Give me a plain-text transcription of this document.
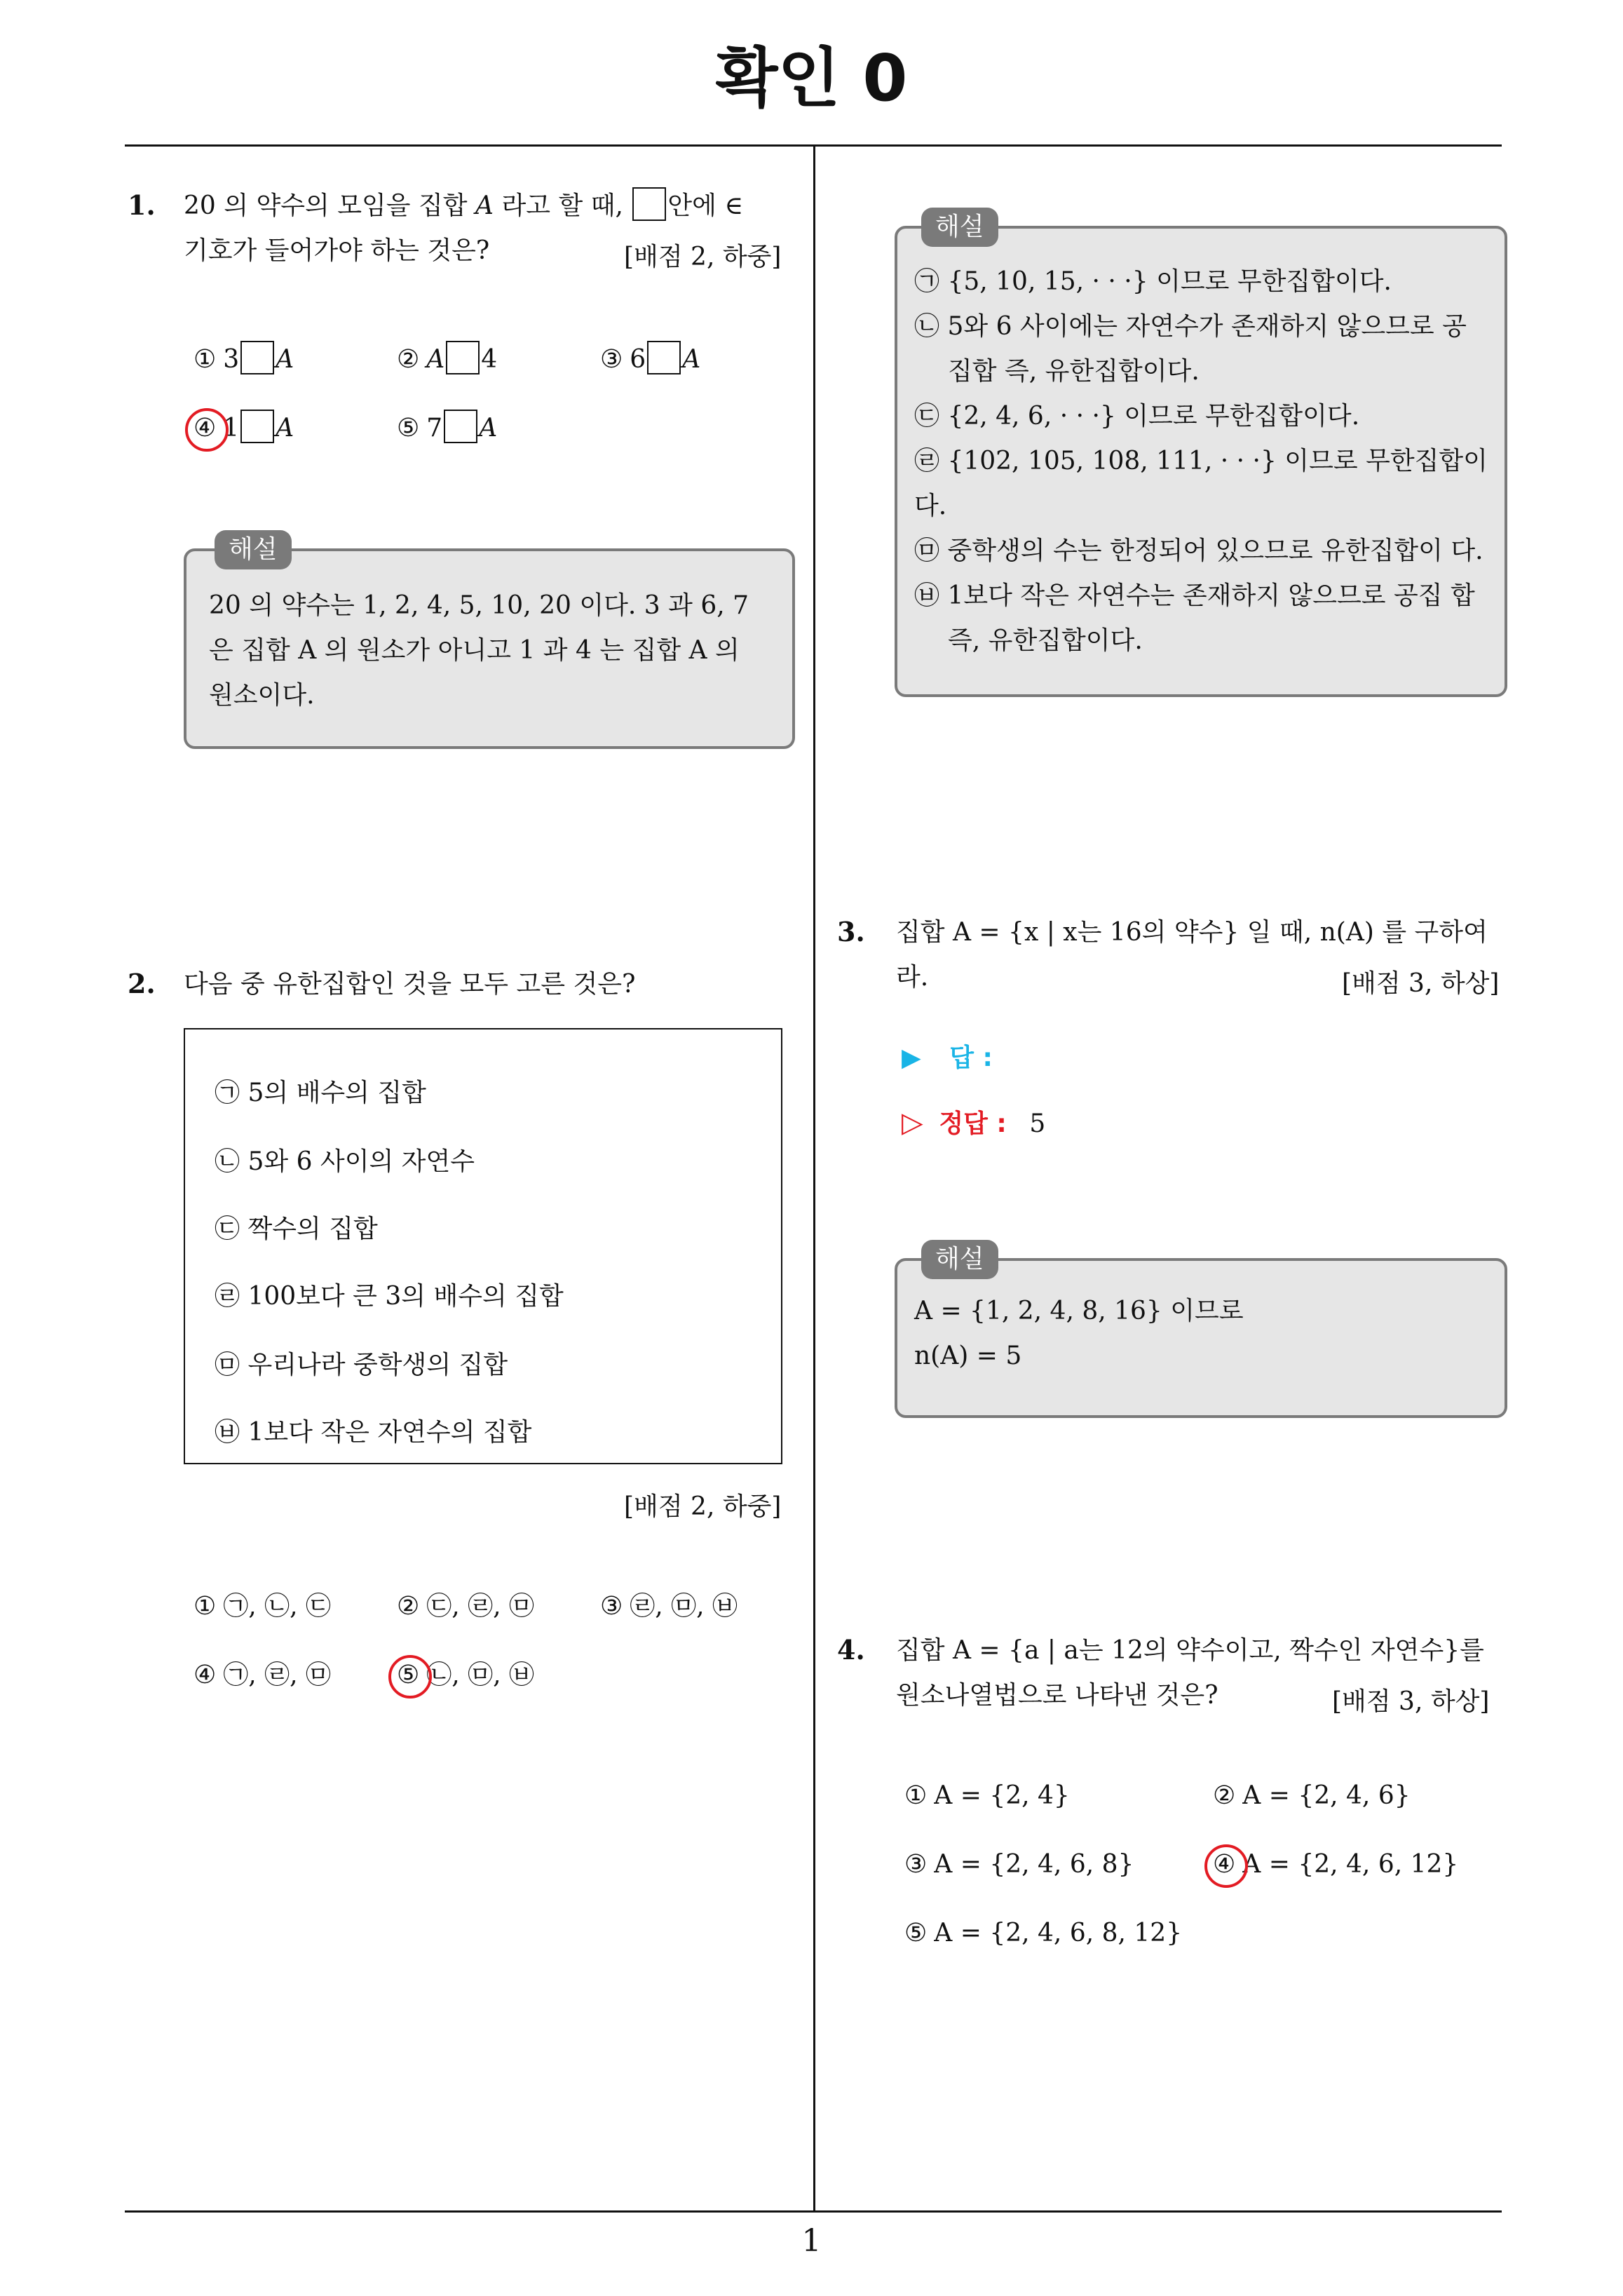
확인 0
1. 20 의 약수의 모임을 집합 A 라고 할 때, 안에 ∈
기호가 들어가야 하는 것은?	[배점 2, 하중]
① 3 A	② A 4	③ 6 A
④ 1 A	⑤ 7 A
해설

20 의 약수는 1, 2, 4, 5, 10, 20 이다. 3 과 6, 7

은 집합 A 의 원소가 아니고 1 과 4 는 집합 A 의

원소이다.

2. 다음 중 유한집합인 것을 모두 고른 것은?
㉠ 5의 배수의 집합
㉡ 5와 6 사이의 자연수
㉢ 짝수의 집합
㉣ 100보다 큰 3의 배수의 집합
㉤ 우리나라 중학생의 집합
㉥ 1보다 작은 자연수의 집합
[배점 2, 하중]
① ㉠, ㉡, ㉢	② ㉢, ㉣, ㉤	③ ㉣, ㉤, ㉥
④ ㉠, ㉣, ㉤	⑤ ㉡, ㉤, ㉥
해설

㉠ {5, 10, 15, · · ·} 이므로 무한집합이다.

㉡ 5와 6 사이에는 자연수가 존재하지 않으므로 공집합 즉, 유한집합이다.

㉢ {2, 4, 6, · · ·} 이므로 무한집합이다.

㉣ {102, 105, 108, 111, · · ·} 이므로 무한집합이다.

㉤ 중학생의 수는 한정되어 있으므로 유한집합이 다.

㉥ 1보다 작은 자연수는 존재하지 않으므로 공집 합 즉, 유한집합이다.

3. 집합 A = {x | x는 16의 약수} 일 때, n(A) 를 구하여
라.	[배점 3, 하상]
▶ 답 :
▷ 정답 : 5
해설

A = {1, 2, 4, 8, 16} 이므로

n(A) = 5

4. 집합 A = {a | a는 12의 약수이고, 짝수인 자연수}를
원소나열법으로 나타낸 것은?	[배점 3, 하상]
① A = {2, 4}	② A = {2, 4, 6}
③ A = {2, 4, 6, 8}	④ A = {2, 4, 6, 12}
⑤ A = {2, 4, 6, 8, 12}
1
